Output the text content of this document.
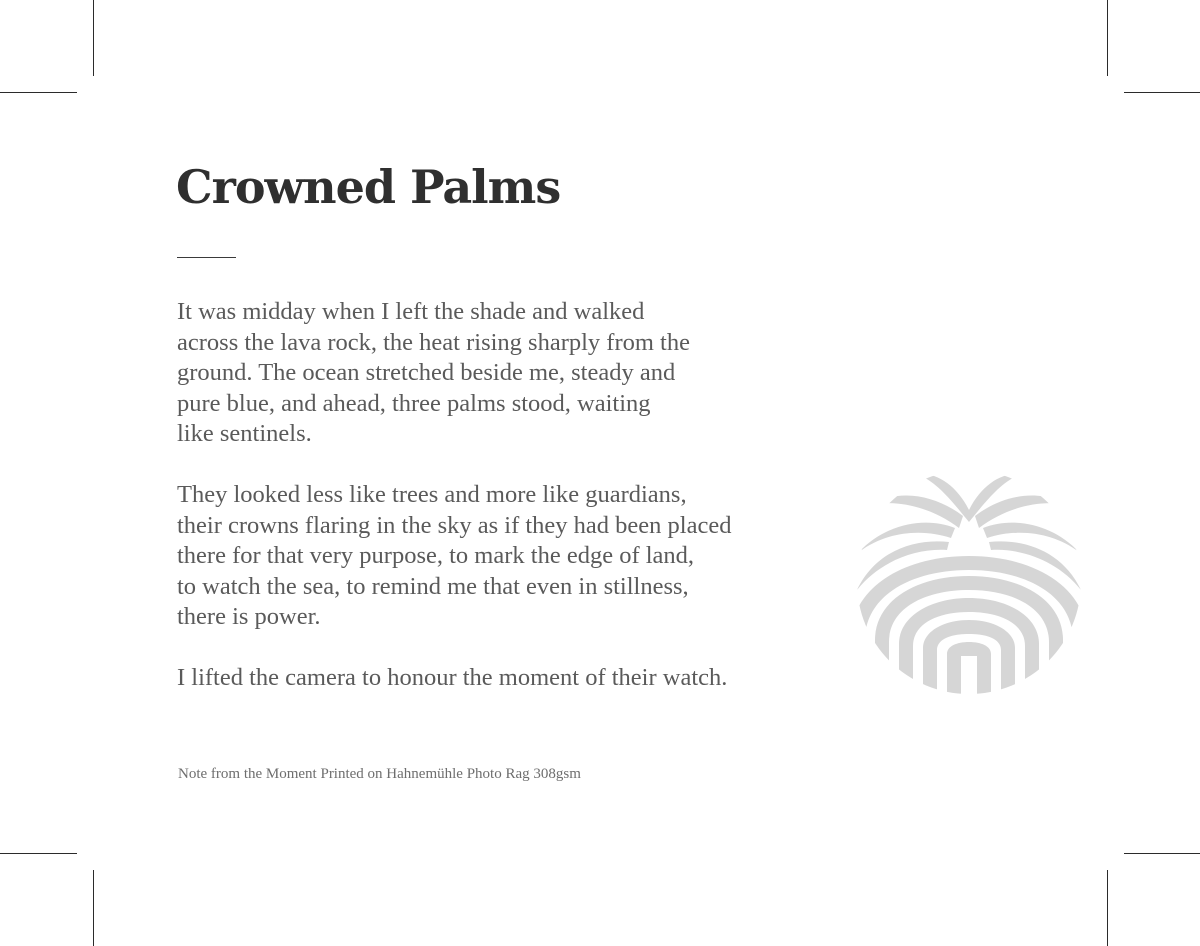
Crowned Palms
It was midday when I left the shade and walked
across the lava rock, the heat rising sharply from the
ground. The ocean stretched beside me, steady and
pure blue, and ahead, three palms stood, waiting
like sentinels.
They looked less like trees and more like guardians,
their crowns flaring in the sky as if they had been placed
there for that very purpose, to mark the edge of land,
to watch the sea, to remind me that even in stillness,
there is power.
I lifted the camera to honour the moment of their watch.
Note from the Moment Printed on Hahnemühle Photo Rag 308gsm
